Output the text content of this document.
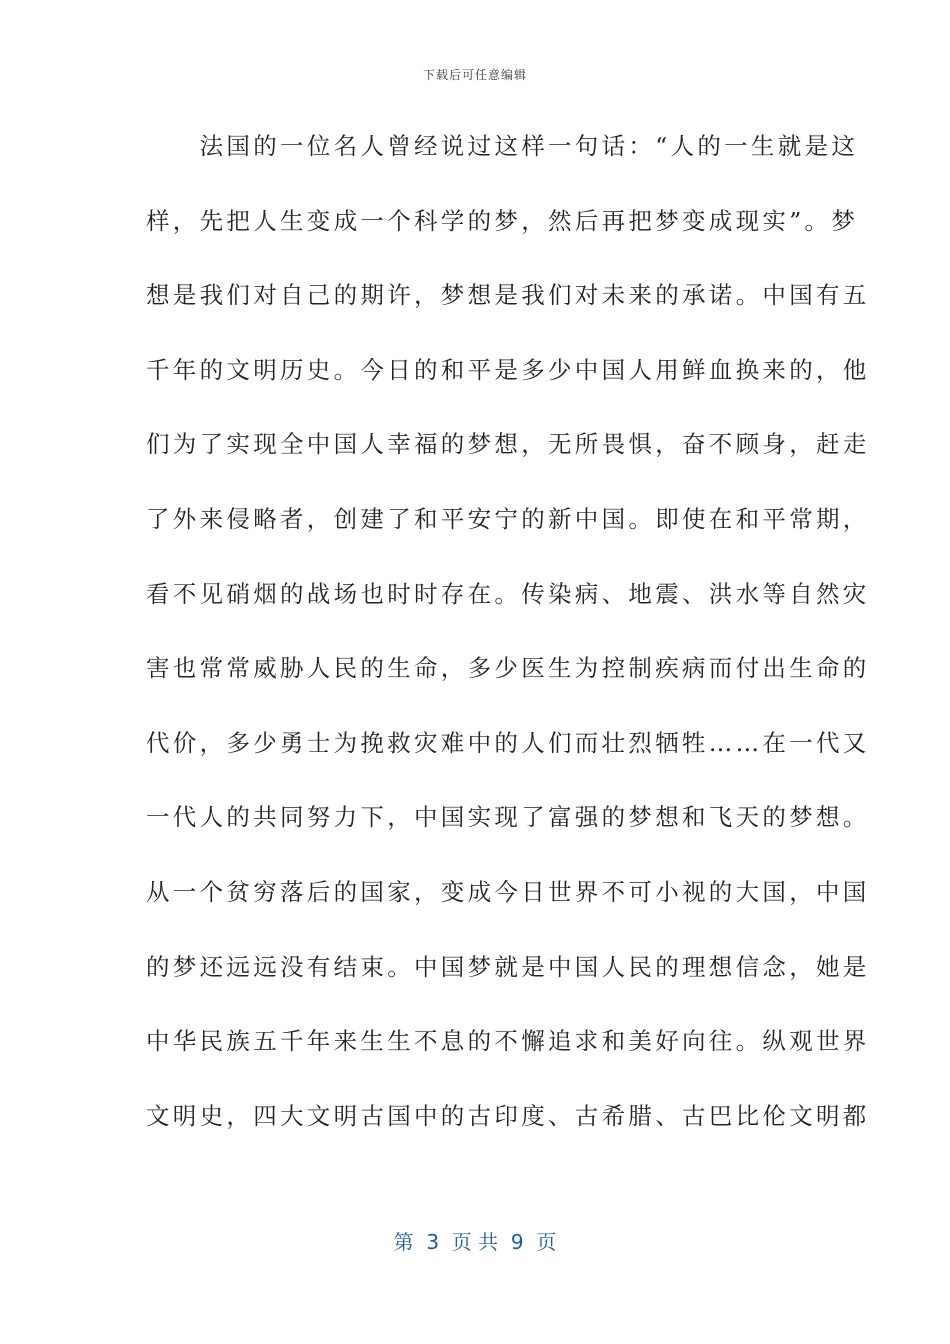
下载后可任意编辑
　　法国的一位名人曾经说过这样一句话：“人的一生就是这
样，先把人生变成一个科学的梦，然后再把梦变成现实”。梦
想是我们对自己的期许，梦想是我们对未来的承诺。中国有五
千年的文明历史。今日的和平是多少中国人用鲜血换来的，他
们为了实现全中国人幸福的梦想，无所畏惧，奋不顾身，赶走
了外来侵略者，创建了和平安宁的新中国。即使在和平常期，
看不见硝烟的战场也时时存在。传染病、地震、洪水等自然灾
害也常常威胁人民的生命，多少医生为控制疾病而付出生命的
代价，多少勇士为挽救灾难中的人们而壮烈牺牲……在一代又
一代人的共同努力下，中国实现了富强的梦想和飞天的梦想。
从一个贫穷落后的国家，变成今日世界不可小视的大国，中国
的梦还远远没有结束。中国梦就是中国人民的理想信念，她是
中华民族五千年来生生不息的不懈追求和美好向往。纵观世界
文明史，四大文明古国中的古印度、古希腊、古巴比伦文明都
第  3  页 共  9  页
